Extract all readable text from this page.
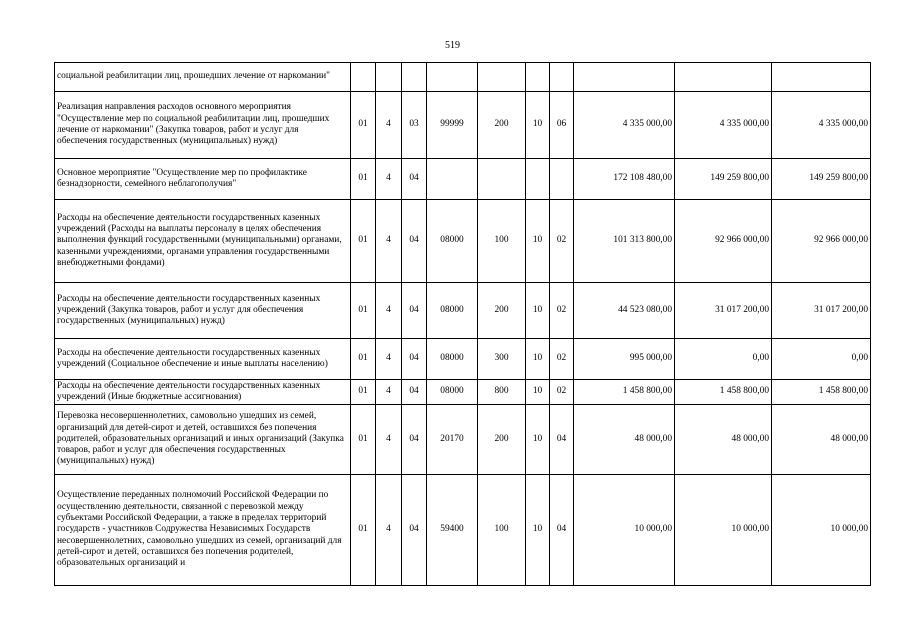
519
социальной реабилитации лиц, прошедших лечение от наркомании"										
Реализация направления расходов основного мероприятия "Осуществление мер по социальной реабилитации лиц, прошедших лечение от наркомании" (Закупка товаров, работ и услуг для обеспечения государственных (муниципальных) нужд)	01	4	03	99999	200	10	06	4 335 000,00	4 335 000,00	4 335 000,00
Основное мероприятие "Осуществление мер по профилактике безнадзорности, семейного неблагополучия"	01	4	04					172 108 480,00	149 259 800,00	149 259 800,00
Расходы на обеспечение деятельности государственных казенных учреждений (Расходы на выплаты персоналу в целях обеспечения выполнения функций государственными (муниципальными) органами, казенными учреждениями, органами управления государственными внебюджетными фондами)	01	4	04	08000	100	10	02	101 313 800,00	92 966 000,00	92 966 000,00
Расходы на обеспечение деятельности государственных казенных учреждений (Закупка товаров, работ и услуг для обеспечения государственных (муниципальных) нужд)	01	4	04	08000	200	10	02	44 523 080,00	31 017 200,00	31 017 200,00
Расходы на обеспечение деятельности государственных казенных учреждений (Социальное обеспечение и иные выплаты населению)	01	4	04	08000	300	10	02	995 000,00	0,00	0,00
Расходы на обеспечение деятельности государственных казенных учреждений (Иные бюджетные ассигнования)	01	4	04	08000	800	10	02	1 458 800,00	1 458 800,00	1 458 800,00
Перевозка несовершеннолетних, самовольно ушедших из семей, организаций для детей-сирот и детей, оставшихся без попечения родителей, образовательных организаций и иных организаций (Закупка товаров, работ и услуг для обеспечения государственных (муниципальных) нужд)	01	4	04	20170	200	10	04	48 000,00	48 000,00	48 000,00
Осуществление переданных полномочий Российской Федерации по осуществлению деятельности, связанной с перевозкой между субъектами Российской Федерации, а также в пределах территорий государств - участников Содружества Независимых Государств несовершеннолетних, самовольно ушедших из семей, организаций для детей-сирот и детей, оставшихся без попечения родителей, образовательных организаций и	01	4	04	59400	100	10	04	10 000,00	10 000,00	10 000,00
